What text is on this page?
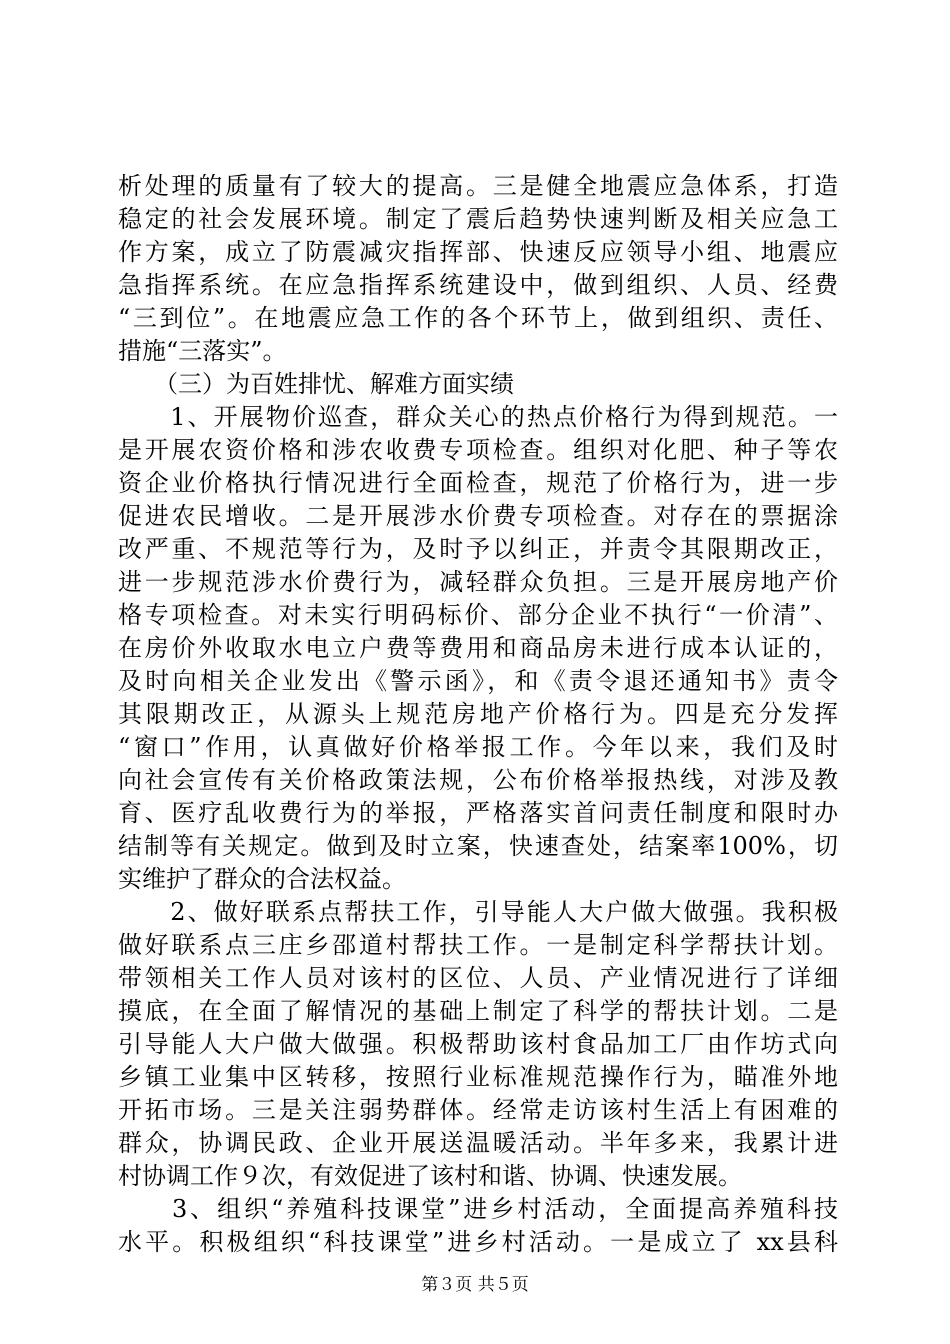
析处理的质量有了较大的提高。三是健全地震应急体系，打造
稳定的社会发展环境。制定了震后趋势快速判断及相关应急工
作方案，成立了防震减灾指挥部、快速反应领导小组、地震应
急指挥系统。在应急指挥系统建设中，做到组织、人员、经费
“三到位”。在地震应急工作的各个环节上，做到组织、责任、
措施“三落实”。
　　（三）为百姓排忧、解难方面实绩
　　1、开展物价巡查，群众关心的热点价格行为得到规范。一
是开展农资价格和涉农收费专项检查。组织对化肥、种子等农
资企业价格执行情况进行全面检查，规范了价格行为，进一步
促进农民增收。二是开展涉水价费专项检查。对存在的票据涂
改严重、不规范等行为，及时予以纠正，并责令其限期改正，
进一步规范涉水价费行为，减轻群众负担。三是开展房地产价
格专项检查。对未实行明码标价、部分企业不执行“一价清”、
在房价外收取水电立户费等费用和商品房未进行成本认证的，
及时向相关企业发出《警示函》，和《责令退还通知书》责令
其限期改正，从源头上规范房地产价格行为。四是充分发挥
“窗口”作用，认真做好价格举报工作。今年以来，我们及时
向社会宣传有关价格政策法规，公布价格举报热线，对涉及教
育、医疗乱收费行为的举报，严格落实首问责任制度和限时办
结制等有关规定。做到及时立案，快速查处，结案率100%，切
实维护了群众的合法权益。
　　2、做好联系点帮扶工作，引导能人大户做大做强。我积极
做好联系点三庄乡邵道村帮扶工作。一是制定科学帮扶计划。
带领相关工作人员对该村的区位、人员、产业情况进行了详细
摸底，在全面了解情况的基础上制定了科学的帮扶计划。二是
引导能人大户做大做强。积极帮助该村食品加工厂由作坊式向
乡镇工业集中区转移，按照行业标准规范操作行为，瞄准外地
开拓市场。三是关注弱势群体。经常走访该村生活上有困难的
群众，协调民政、企业开展送温暖活动。半年多来，我累计进
村协调工作９次，有效促进了该村和谐、协调、快速发展。
　　3、组织“养殖科技课堂”进乡村活动，全面提高养殖科技
水平。积极组织“科技课堂”进乡村活动。一是成立了 xx县科
第３页 共５页
